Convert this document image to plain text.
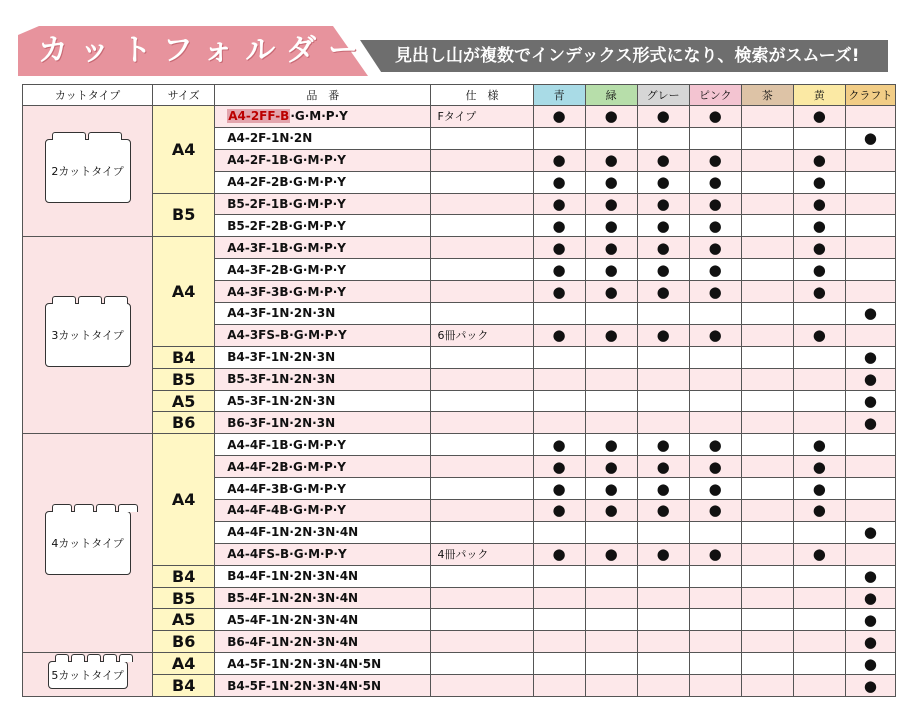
カットフォルダー 見出し山が複数でインデックス形式になり、検索がスムーズ!
カットタイプ	サイズ	品　番	仕　様	青	緑	グレー	ピンク	茶	黄	クラフト

2カットタイプ	A4	A4-2FF-B·G·M·P·Y	Fタイプ	●	●	●	●		●	
		A4-2F-1N·2N								●
		A4-2F-1B·G·M·P·Y		●	●	●	●		●	
		A4-2F-2B·G·M·P·Y		●	●	●	●		●	
	B5	B5-2F-1B·G·M·P·Y		●	●	●	●		●	
		B5-2F-2B·G·M·P·Y		●	●	●	●		●	

3カットタイプ	A4	A4-3F-1B·G·M·P·Y		●	●	●	●		●	
		A4-3F-2B·G·M·P·Y		●	●	●	●		●	
		A4-3F-3B·G·M·P·Y		●	●	●	●		●	
		A4-3F-1N·2N·3N								●
		A4-3FS-B·G·M·P·Y	6冊パック	●	●	●	●		●	
	B4	B4-3F-1N·2N·3N								●
	B5	B5-3F-1N·2N·3N								●
	A5	A5-3F-1N·2N·3N								●
	B6	B6-3F-1N·2N·3N								●

4カットタイプ	A4	A4-4F-1B·G·M·P·Y		●	●	●	●		●	
		A4-4F-2B·G·M·P·Y		●	●	●	●		●	
		A4-4F-3B·G·M·P·Y		●	●	●	●		●	
		A4-4F-4B·G·M·P·Y		●	●	●	●		●	
		A4-4F-1N·2N·3N·4N								●
		A4-4FS-B·G·M·P·Y	4冊パック	●	●	●	●		●	
	B4	B4-4F-1N·2N·3N·4N								●
	B5	B5-4F-1N·2N·3N·4N								●
	A5	A5-4F-1N·2N·3N·4N								●
	B6	B6-4F-1N·2N·3N·4N								●

5カットタイプ	A4	A4-5F-1N·2N·3N·4N·5N								●
	B4	B4-5F-1N·2N·3N·4N·5N								●
